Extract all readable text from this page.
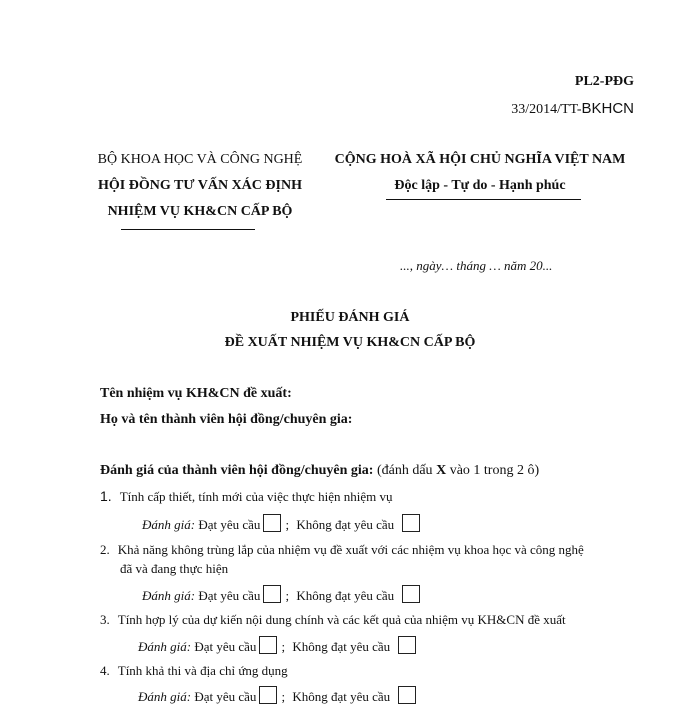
PL2-PĐG
33/2014/TT-BKHCN
BỘ KHOA HỌC VÀ CÔNG NGHỆ
HỘI ĐỒNG TƯ VẤN XÁC ĐỊNH
NHIỆM VỤ KH&CN CẤP BỘ
CỘNG HOÀ XÃ HỘI CHỦ NGHĨA VIỆT NAM
Độc lập - Tự do - Hạnh phúc
..., ngày… tháng … năm 20...
PHIẾU ĐÁNH GIÁ
ĐỀ XUẤT NHIỆM VỤ KH&CN CẤP BỘ
Tên nhiệm vụ KH&CN đề xuất:
Họ và tên thành viên hội đồng/chuyên gia:
Đánh giá của thành viên hội đồng/chuyên gia: (đánh dấu X vào 1 trong 2 ô)
1. Tính cấp thiết, tính mới của việc thực hiện nhiệm vụ
Đánh giá: Đạt yêu cầu ; Không đạt yêu cầu
2. Khả năng không trùng lắp của nhiệm vụ đề xuất với các nhiệm vụ khoa học và công nghệ
đã và đang thực hiện
Đánh giá: Đạt yêu cầu ; Không đạt yêu cầu
3. Tính hợp lý của dự kiến nội dung chính và các kết quả của nhiệm vụ KH&CN đề xuất
Đánh giá: Đạt yêu cầu ; Không đạt yêu cầu
4. Tính khả thi và địa chỉ ứng dụng
Đánh giá: Đạt yêu cầu ; Không đạt yêu cầu
